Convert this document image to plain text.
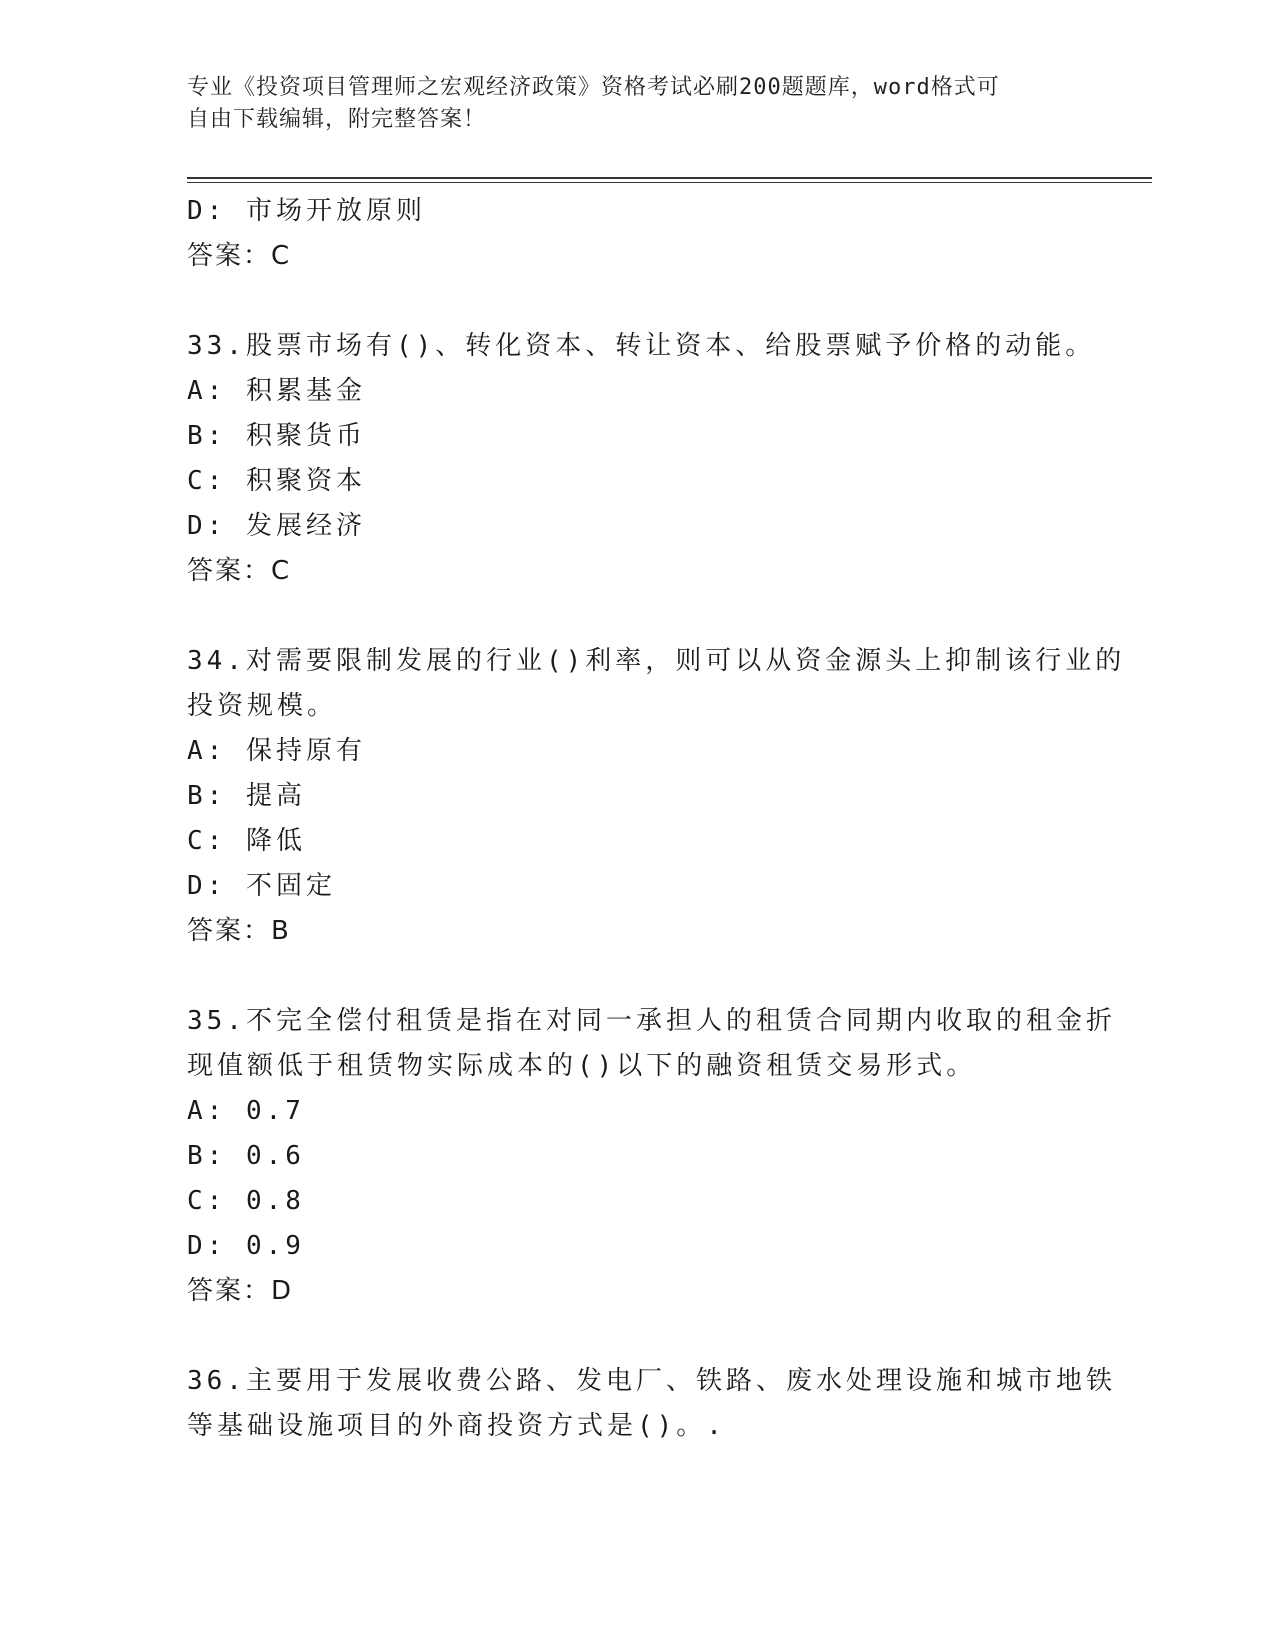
专业《投资项目管理师之宏观经济政策》资格考试必刷200题题库，word格式可
自由下载编辑，附完整答案！
D: 市场开放原则
答案：C
33.股票市场有()、转化资本、转让资本、给股票赋予价格的动能。
A: 积累基金
B: 积聚货币
C: 积聚资本
D: 发展经济
答案：C
34.对需要限制发展的行业()利率，则可以从资金源头上抑制该行业的
投资规模。
A: 保持原有
B: 提高
C: 降低
D: 不固定
答案：B
35.不完全偿付租赁是指在对同一承担人的租赁合同期内收取的租金折
现值额低于租赁物实际成本的()以下的融资租赁交易形式。
A: 0.7
B: 0.6
C: 0.8
D: 0.9
答案：D
36.主要用于发展收费公路、发电厂、铁路、废水处理设施和城市地铁
等基础设施项目的外商投资方式是()。.
